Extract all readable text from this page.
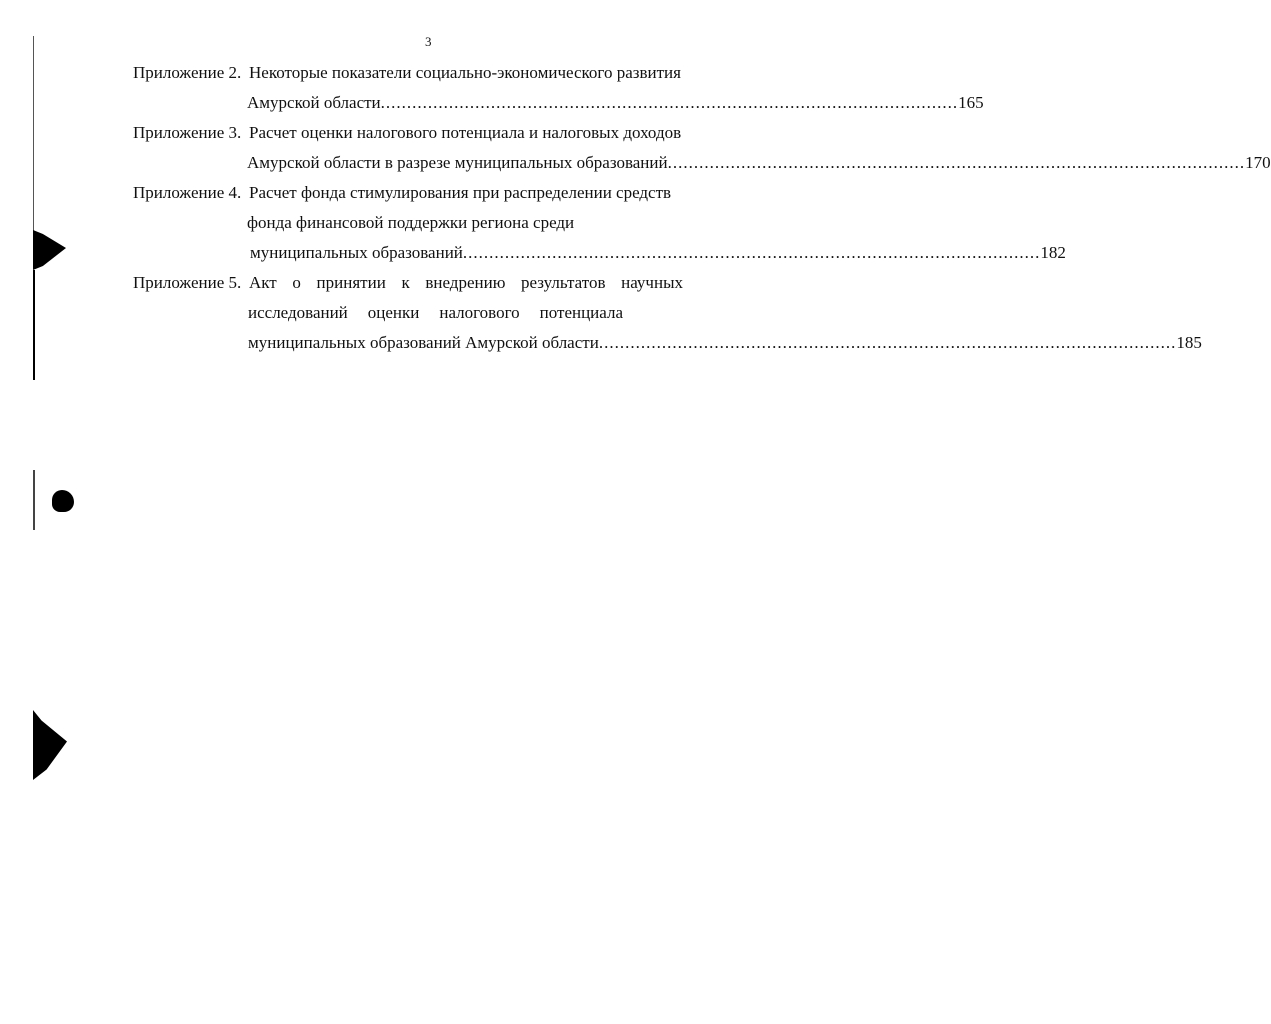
3
Приложение 2. Некоторые показатели социально-экономического развития
Амурской области .............................................................................................................. 165
Приложение 3. Расчет оценки налогового потенциала и налоговых доходов
Амурской области в разрезе муниципальных образований .............................................................................................................. 170
Приложение 4. Расчет фонда стимулирования при распределении средств
фонда финансовой поддержки региона среди
муниципальных образований .............................................................................................................. 182
Приложение 5. Акт о принятии к внедрению результатов научных
исследований оценки налогового потенциала
муниципальных образований Амурской области .............................................................................................................. 185
